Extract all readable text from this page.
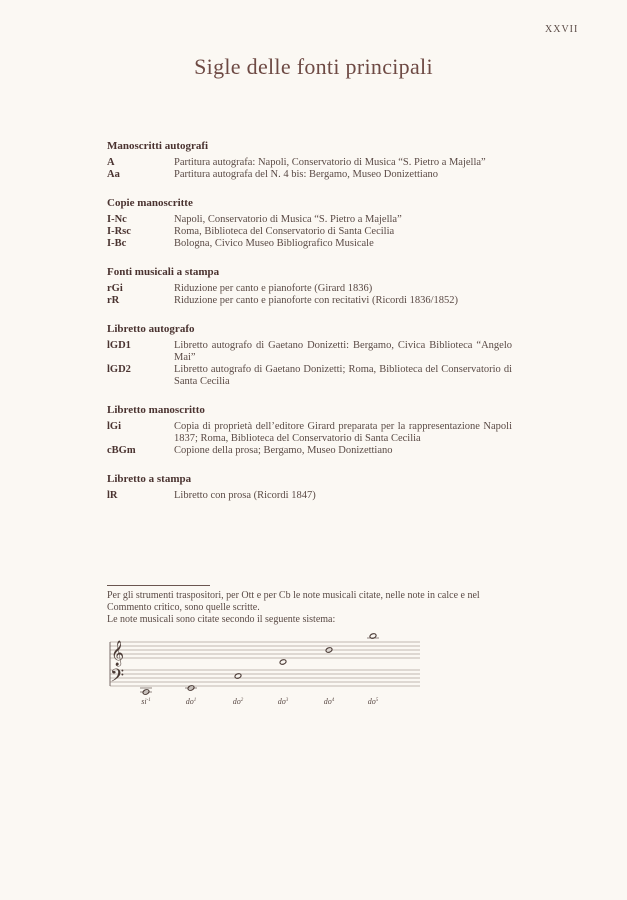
XXVII
Sigle delle fonti principali
Manoscritti autografi
A	Partitura autografa: Napoli, Conservatorio di Musica “S. Pietro a Majella”
Aa	Partitura autografa del N. 4 bis: Bergamo, Museo Donizettiano
Copie manoscritte
I-Nc	Napoli, Conservatorio di Musica “S. Pietro a Majella”
I-Rsc	Roma, Biblioteca del Conservatorio di Santa Cecilia
I-Bc	Bologna, Civico Museo Bibliografico Musicale
Fonti musicali a stampa
rGi	Riduzione per canto e pianoforte (Girard 1836)
rR	Riduzione per canto e pianoforte con recitativi (Ricordi 1836/1852)
Libretto autografo
lGD1	Libretto autografo di Gaetano Donizetti: Bergamo, Civica Biblioteca “Angelo Mai”
lGD2	Libretto autografo di Gaetano Donizetti; Roma, Biblioteca del Conservatorio di Santa Cecilia
Libretto manoscritto
lGi	Copia di proprietà dell’editore Girard preparata per la rappresentazione Napoli 1837; Roma, Biblioteca del Conservatorio di Santa Cecilia
cBGm	Copione della prosa; Bergamo, Museo Donizettiano
Libretto a stampa
lR	Libretto con prosa (Ricordi 1847)
Per gli strumenti traspositori, per Ott e per Cb le note musicali citate, nelle note in calce e nel Commento critico, sono quelle scritte.
Le note musicali sono citate secondo il seguente sistema:
𝄞
𝄢
$si^{-1}$	$do^1$	$do^2$	$do^3$	$do^4$	$do^5$
